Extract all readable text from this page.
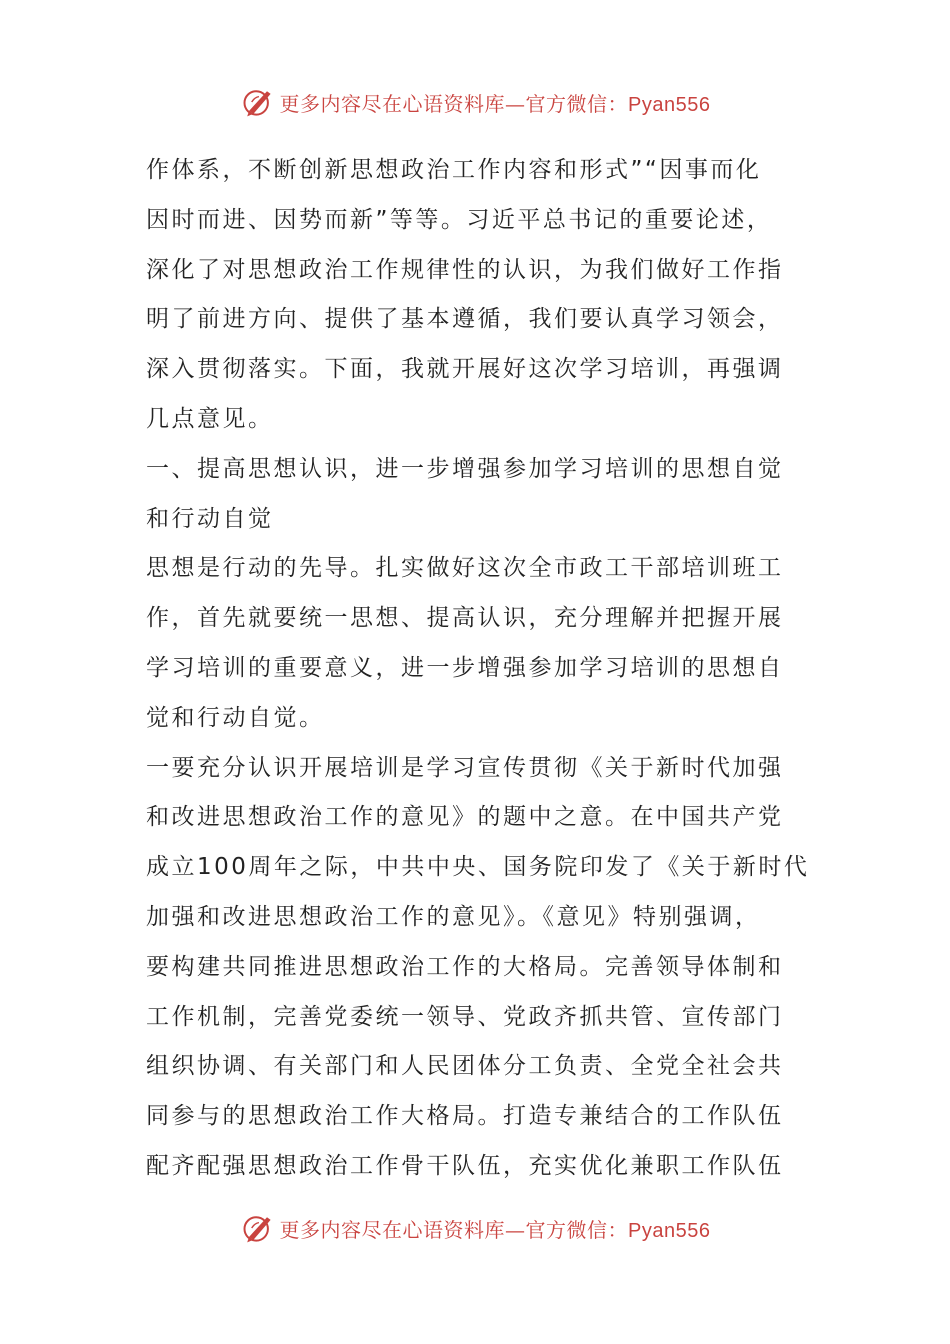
更多内容尽在心语资料库—官方微信：Pyan556
作体系，不断创新思想政治工作内容和形式”“因事而化
因时而进、因势而新”等等。习近平总书记的重要论述，
深化了对思想政治工作规律性的认识，为我们做好工作指
明了前进方向、提供了基本遵循，我们要认真学习领会，
深入贯彻落实。下面，我就开展好这次学习培训，再强调
几点意见。
一、提高思想认识，进一步增强参加学习培训的思想自觉
和行动自觉
思想是行动的先导。扎实做好这次全市政工干部培训班工
作，首先就要统一思想、提高认识，充分理解并把握开展
学习培训的重要意义，进一步增强参加学习培训的思想自
觉和行动自觉。
一要充分认识开展培训是学习宣传贯彻《关于新时代加强
和改进思想政治工作的意见》的题中之意。在中国共产党
成立100周年之际，中共中央、国务院印发了《关于新时代
加强和改进思想政治工作的意见》。《意见》特别强调，
要构建共同推进思想政治工作的大格局。完善领导体制和
工作机制，完善党委统一领导、党政齐抓共管、宣传部门
组织协调、有关部门和人民团体分工负责、全党全社会共
同参与的思想政治工作大格局。打造专兼结合的工作队伍
配齐配强思想政治工作骨干队伍，充实优化兼职工作队伍
更多内容尽在心语资料库—官方微信：Pyan556
